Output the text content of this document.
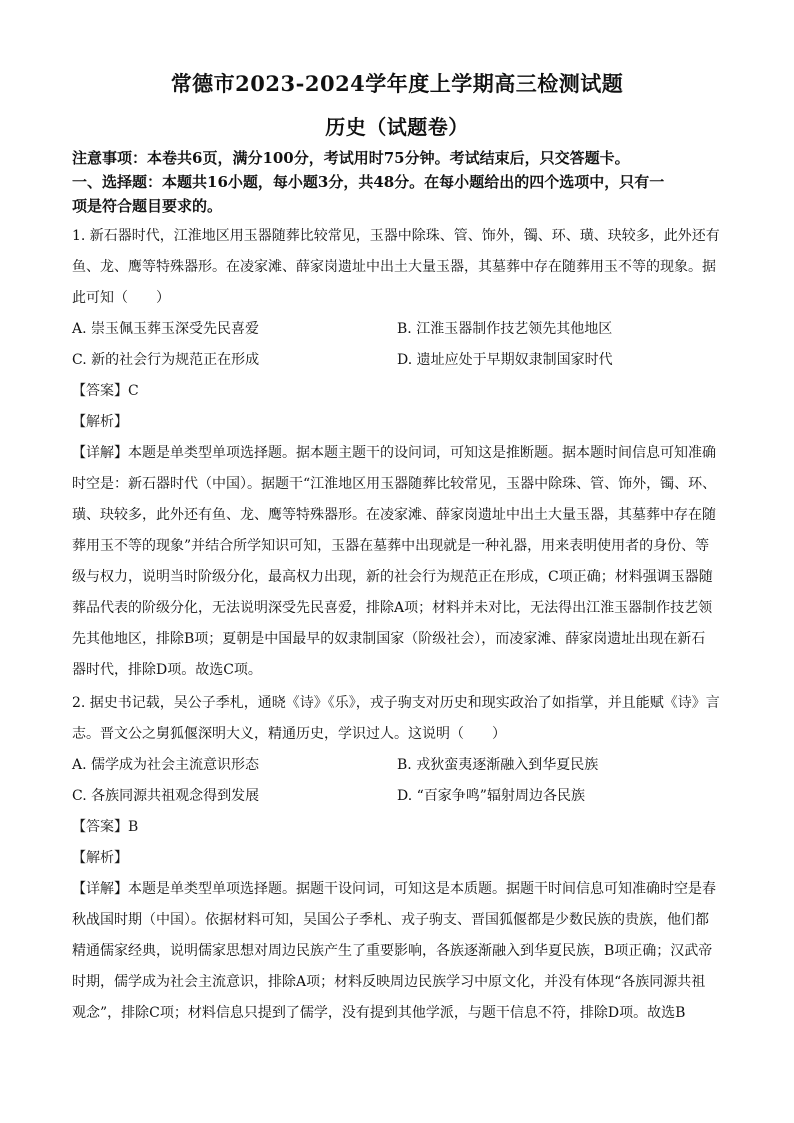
常德市2023-2024学年度上学期高三检测试题
历史（试题卷）
注意事项：本卷共6页，满分100分，考试用时75分钟。考试结束后，只交答题卡。
一、选择题：本题共16小题，每小题3分，共48分。在每小题给出的四个选项中，只有一
项是符合题目要求的。
1. 新石器时代，江淮地区用玉器随葬比较常见，玉器中除珠、管、饰外，镯、环、璜、玦较多，此外还有
鱼、龙、鹰等特殊器形。在凌家滩、薛家岗遗址中出土大量玉器，其墓葬中存在随葬用玉不等的现象。据
此可知（　　）
A. 崇玉佩玉葬玉深受先民喜爱	B. 江淮玉器制作技艺领先其他地区
C. 新的社会行为规范正在形成	D. 遗址应处于早期奴隶制国家时代
【答案】C
【解析】
【详解】本题是单类型单项选择题。据本题主题干的设问词，可知这是推断题。据本题时间信息可知准确
时空是：新石器时代（中国）。据题干“江淮地区用玉器随葬比较常见，玉器中除珠、管、饰外，镯、环、
璜、玦较多，此外还有鱼、龙、鹰等特殊器形。在凌家滩、薛家岗遗址中出土大量玉器，其墓葬中存在随
葬用玉不等的现象”并结合所学知识可知，玉器在墓葬中出现就是一种礼器，用来表明使用者的身份、等
级与权力，说明当时阶级分化，最高权力出现，新的社会行为规范正在形成，C项正确；材料强调玉器随
葬品代表的阶级分化，无法说明深受先民喜爱，排除A项；材料并未对比，无法得出江淮玉器制作技艺领
先其他地区，排除B项；夏朝是中国最早的奴隶制国家（阶级社会），而凌家滩、薛家岗遗址出现在新石
器时代，排除D项。故选C项。
2. 据史书记载，吴公子季札，通晓《诗》《乐》，戎子驹支对历史和现实政治了如指掌，并且能赋《诗》言
志。晋文公之舅狐偃深明大义，精通历史，学识过人。这说明（　　）
A. 儒学成为社会主流意识形态	B. 戎狄蛮夷逐渐融入到华夏民族
C. 各族同源共祖观念得到发展	D. “百家争鸣”辐射周边各民族
【答案】B
【解析】
【详解】本题是单类型单项选择题。据题干设问词，可知这是本质题。据题干时间信息可知准确时空是春
秋战国时期（中国）。依据材料可知，吴国公子季札、戎子驹支、晋国狐偃都是少数民族的贵族，他们都
精通儒家经典，说明儒家思想对周边民族产生了重要影响，各族逐渐融入到华夏民族，B项正确；汉武帝
时期，儒学成为社会主流意识，排除A项；材料反映周边民族学习中原文化，并没有体现“各族同源共祖
观念”，排除C项；材料信息只提到了儒学，没有提到其他学派，与题干信息不符，排除D项。故选B
